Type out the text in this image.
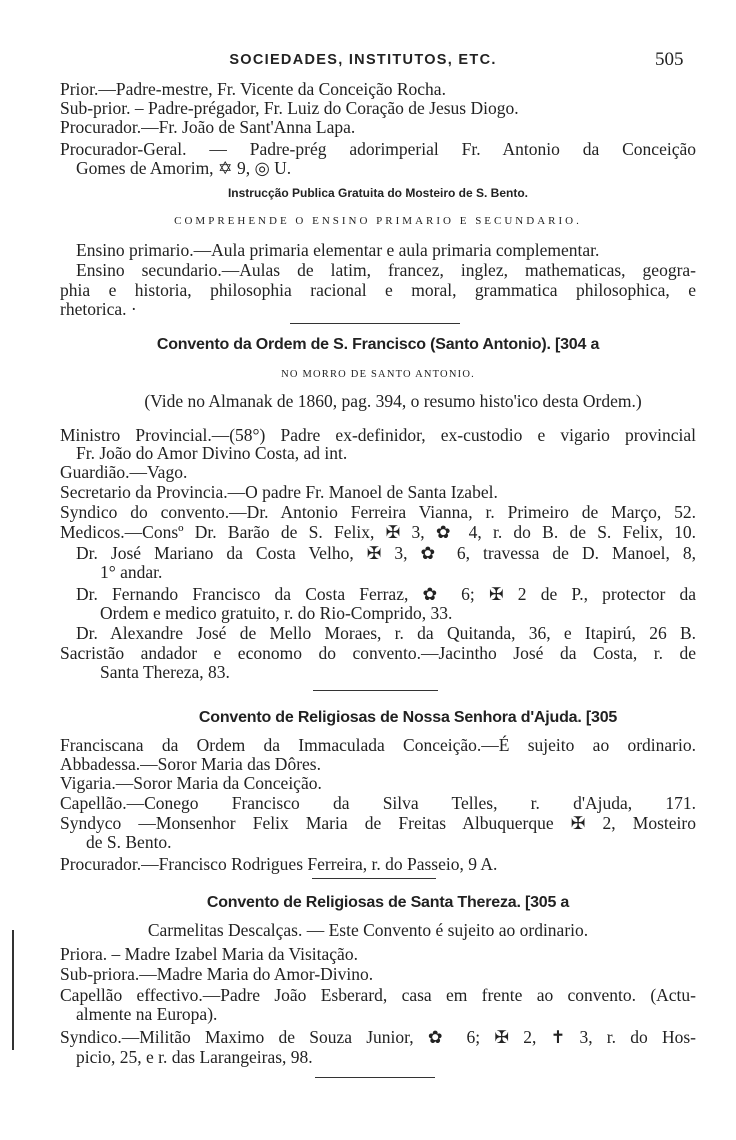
SOCIEDADES, INSTITUTOS, ETC.	505
Prior.—Padre-mestre, Fr. Vicente da Conceição Rocha.
Sub-prior. – Padre-prégador, Fr. Luiz do Coração de Jesus Diogo.
Procurador.—Fr. João de Sant'Anna Lapa.
Procurador-Geral. — Padre-prég adorimperial Fr. Antonio da Conceição
Gomes de Amorim, ✡ 9, ◎ U.
Instrucção Publica Gratuita do Mosteiro de S. Bento.
COMPREHENDE O ENSINO PRIMARIO E SECUNDARIO.
Ensino primario.—Aula primaria elementar e aula primaria complementar.
Ensino secundario.—Aulas de latim, francez, inglez, mathematicas, geogra-
phia e historia, philosophia racional e moral, grammatica philosophica, e
rhetorica. ·
Convento da Ordem de S. Francisco (Santo Antonio). [304 a
NO MORRO DE SANTO ANTONIO.
(Vide no Almanak de 1860, pag. 394, o resumo histo'ico desta Ordem.)
Ministro Provincial.—(58°) Padre ex-definidor, ex-custodio e vigario provincial
Fr. João do Amor Divino Costa, ad int.
Guardião.—Vago.
Secretario da Provincia.—O padre Fr. Manoel de Santa Izabel.
Syndico do convento.—Dr. Antonio Ferreira Vianna, r. Primeiro de Março, 52.
Medicos.—Consº Dr. Barão de S. Felix, ✠ 3, ✿ 4, r. do B. de S. Felix, 10.
Dr. José Mariano da Costa Velho, ✠ 3, ✿ 6, travessa de D. Manoel, 8,
1° andar.
Dr. Fernando Francisco da Costa Ferraz, ✿ 6; ✠ 2 de P., protector da
Ordem e medico gratuito, r. do Rio-Comprido, 33.
Dr. Alexandre José de Mello Moraes, r. da Quitanda, 36, e Itapirú, 26 B.
Sacristão andador e economo do convento.—Jacintho José da Costa, r. de
Santa Thereza, 83.
Convento de Religiosas de Nossa Senhora d'Ajuda. [305
Franciscana da Ordem da Immaculada Conceição.—É sujeito ao ordinario.
Abbadessa.—Soror Maria das Dôres.
Vigaria.—Soror Maria da Conceição.
Capellão.—Conego Francisco da Silva Telles, r. d'Ajuda, 171.
Syndyco —Monsenhor Felix Maria de Freitas Albuquerque ✠ 2, Mosteiro
de S. Bento.
Procurador.—Francisco Rodrigues Ferreira, r. do Passeio, 9 A.
Convento de Religiosas de Santa Thereza. [305 a
Carmelitas Descalças. — Este Convento é sujeito ao ordinario.
Priora. – Madre Izabel Maria da Visitação.
Sub-priora.—Madre Maria do Amor-Divino.
Capellão effectivo.—Padre João Esberard, casa em frente ao convento. (Actu-
almente na Europa).
Syndico.—Militão Maximo de Souza Junior, ✿ 6; ✠ 2, ✝ 3, r. do Hos-
picio, 25, e r. das Larangeiras, 98.
